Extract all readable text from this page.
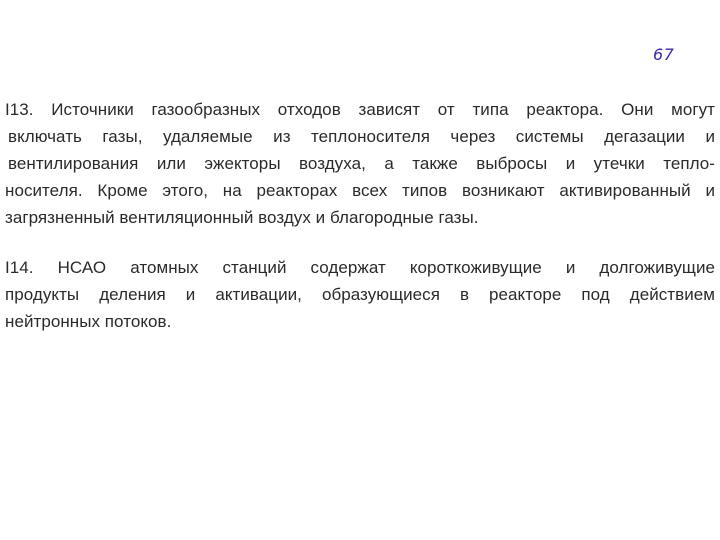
67
I13. Источники газообразных отходов зависят от типа реактора. Они могут
включать газы, удаляемые из теплоносителя через системы дегазации и
вентилирования или эжекторы воздуха, а также выбросы и утечки тепло-
носителя. Кроме этого, на реакторах всех типов возникают активированный и
загрязненный вентиляционный воздух и благородные газы.
I14. НСАО атомных станций содержат короткоживущие и долгоживущие
продукты деления и активации, образующиеся в реакторе под действием
нейтронных потоков.
